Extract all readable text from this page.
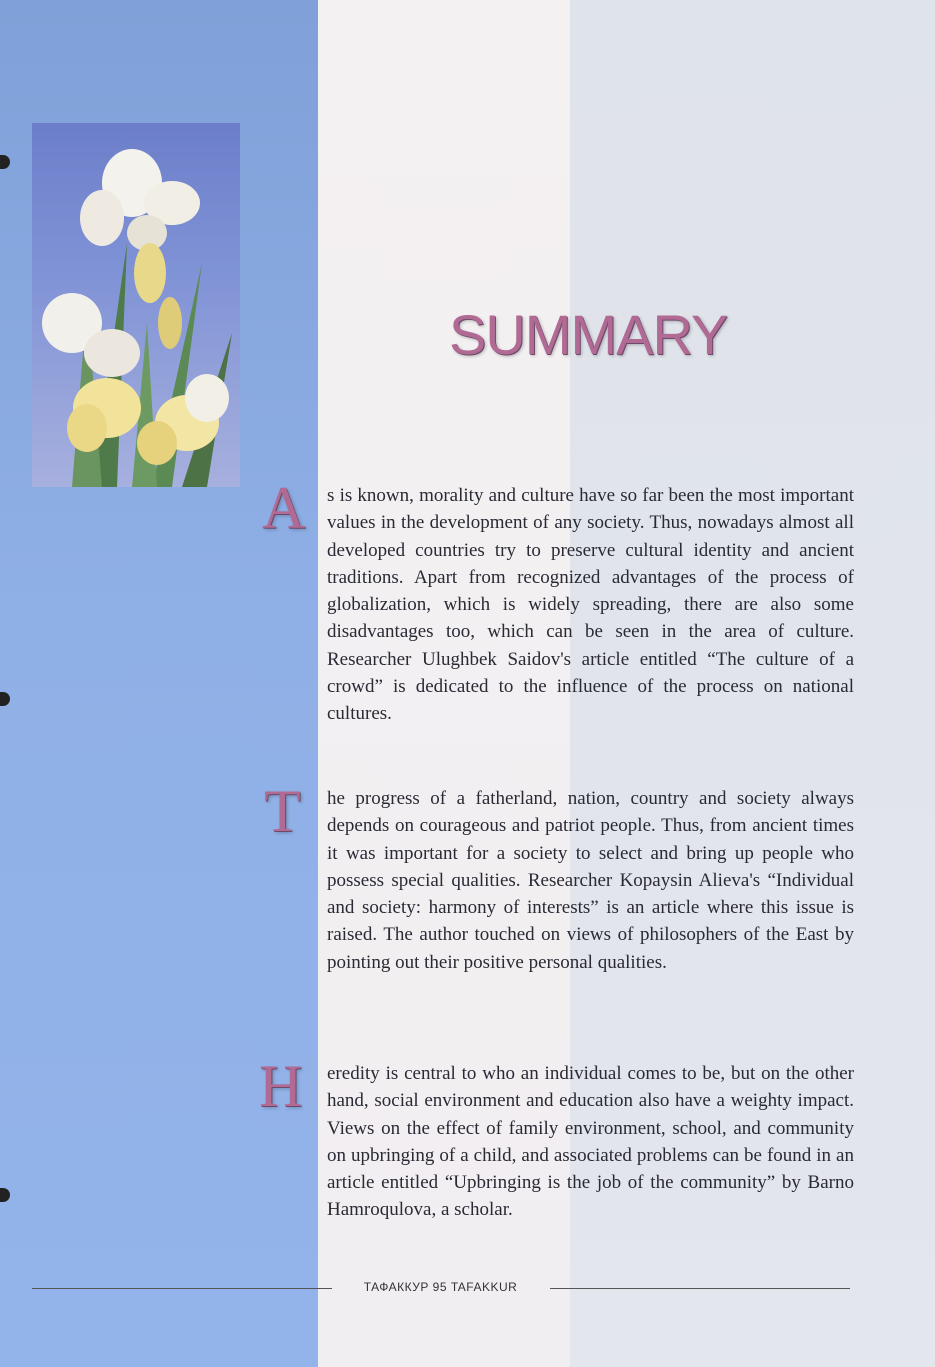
SUMMARY
A s is known, morality and culture have so far been the most important values in the development of any society. Thus, nowadays almost all developed countries try to preserve cultural identity and ancient traditions. Apart from recognized advantages of the process of globalization, which is widely spreading, there are also some disadvantages too, which can be seen in the area of culture. Researcher Ulughbek Saidov's article entitled “The culture of a crowd” is dedicated to the influence of the process on national cultures.
T he progress of a fatherland, nation, country and society always depends on courageous and patriot people. Thus, from ancient times it was important for a society to select and bring up people who possess special qualities. Researcher Kopaysin Alieva's “Individual and society: harmony of interests” is an article where this issue is raised. The author touched on views of philosophers of the East by pointing out their positive personal qualities.
H eredity is central to who an individual comes to be, but on the other hand, social environment and education also have a weighty impact. Views on the effect of family environment, school, and community on upbringing of a child, and associated problems can be found in an article entitled “Upbringing is the job of the community” by Barno Hamroqulova, a scholar.
ТАФАККУР 95 TAFAKKUR
